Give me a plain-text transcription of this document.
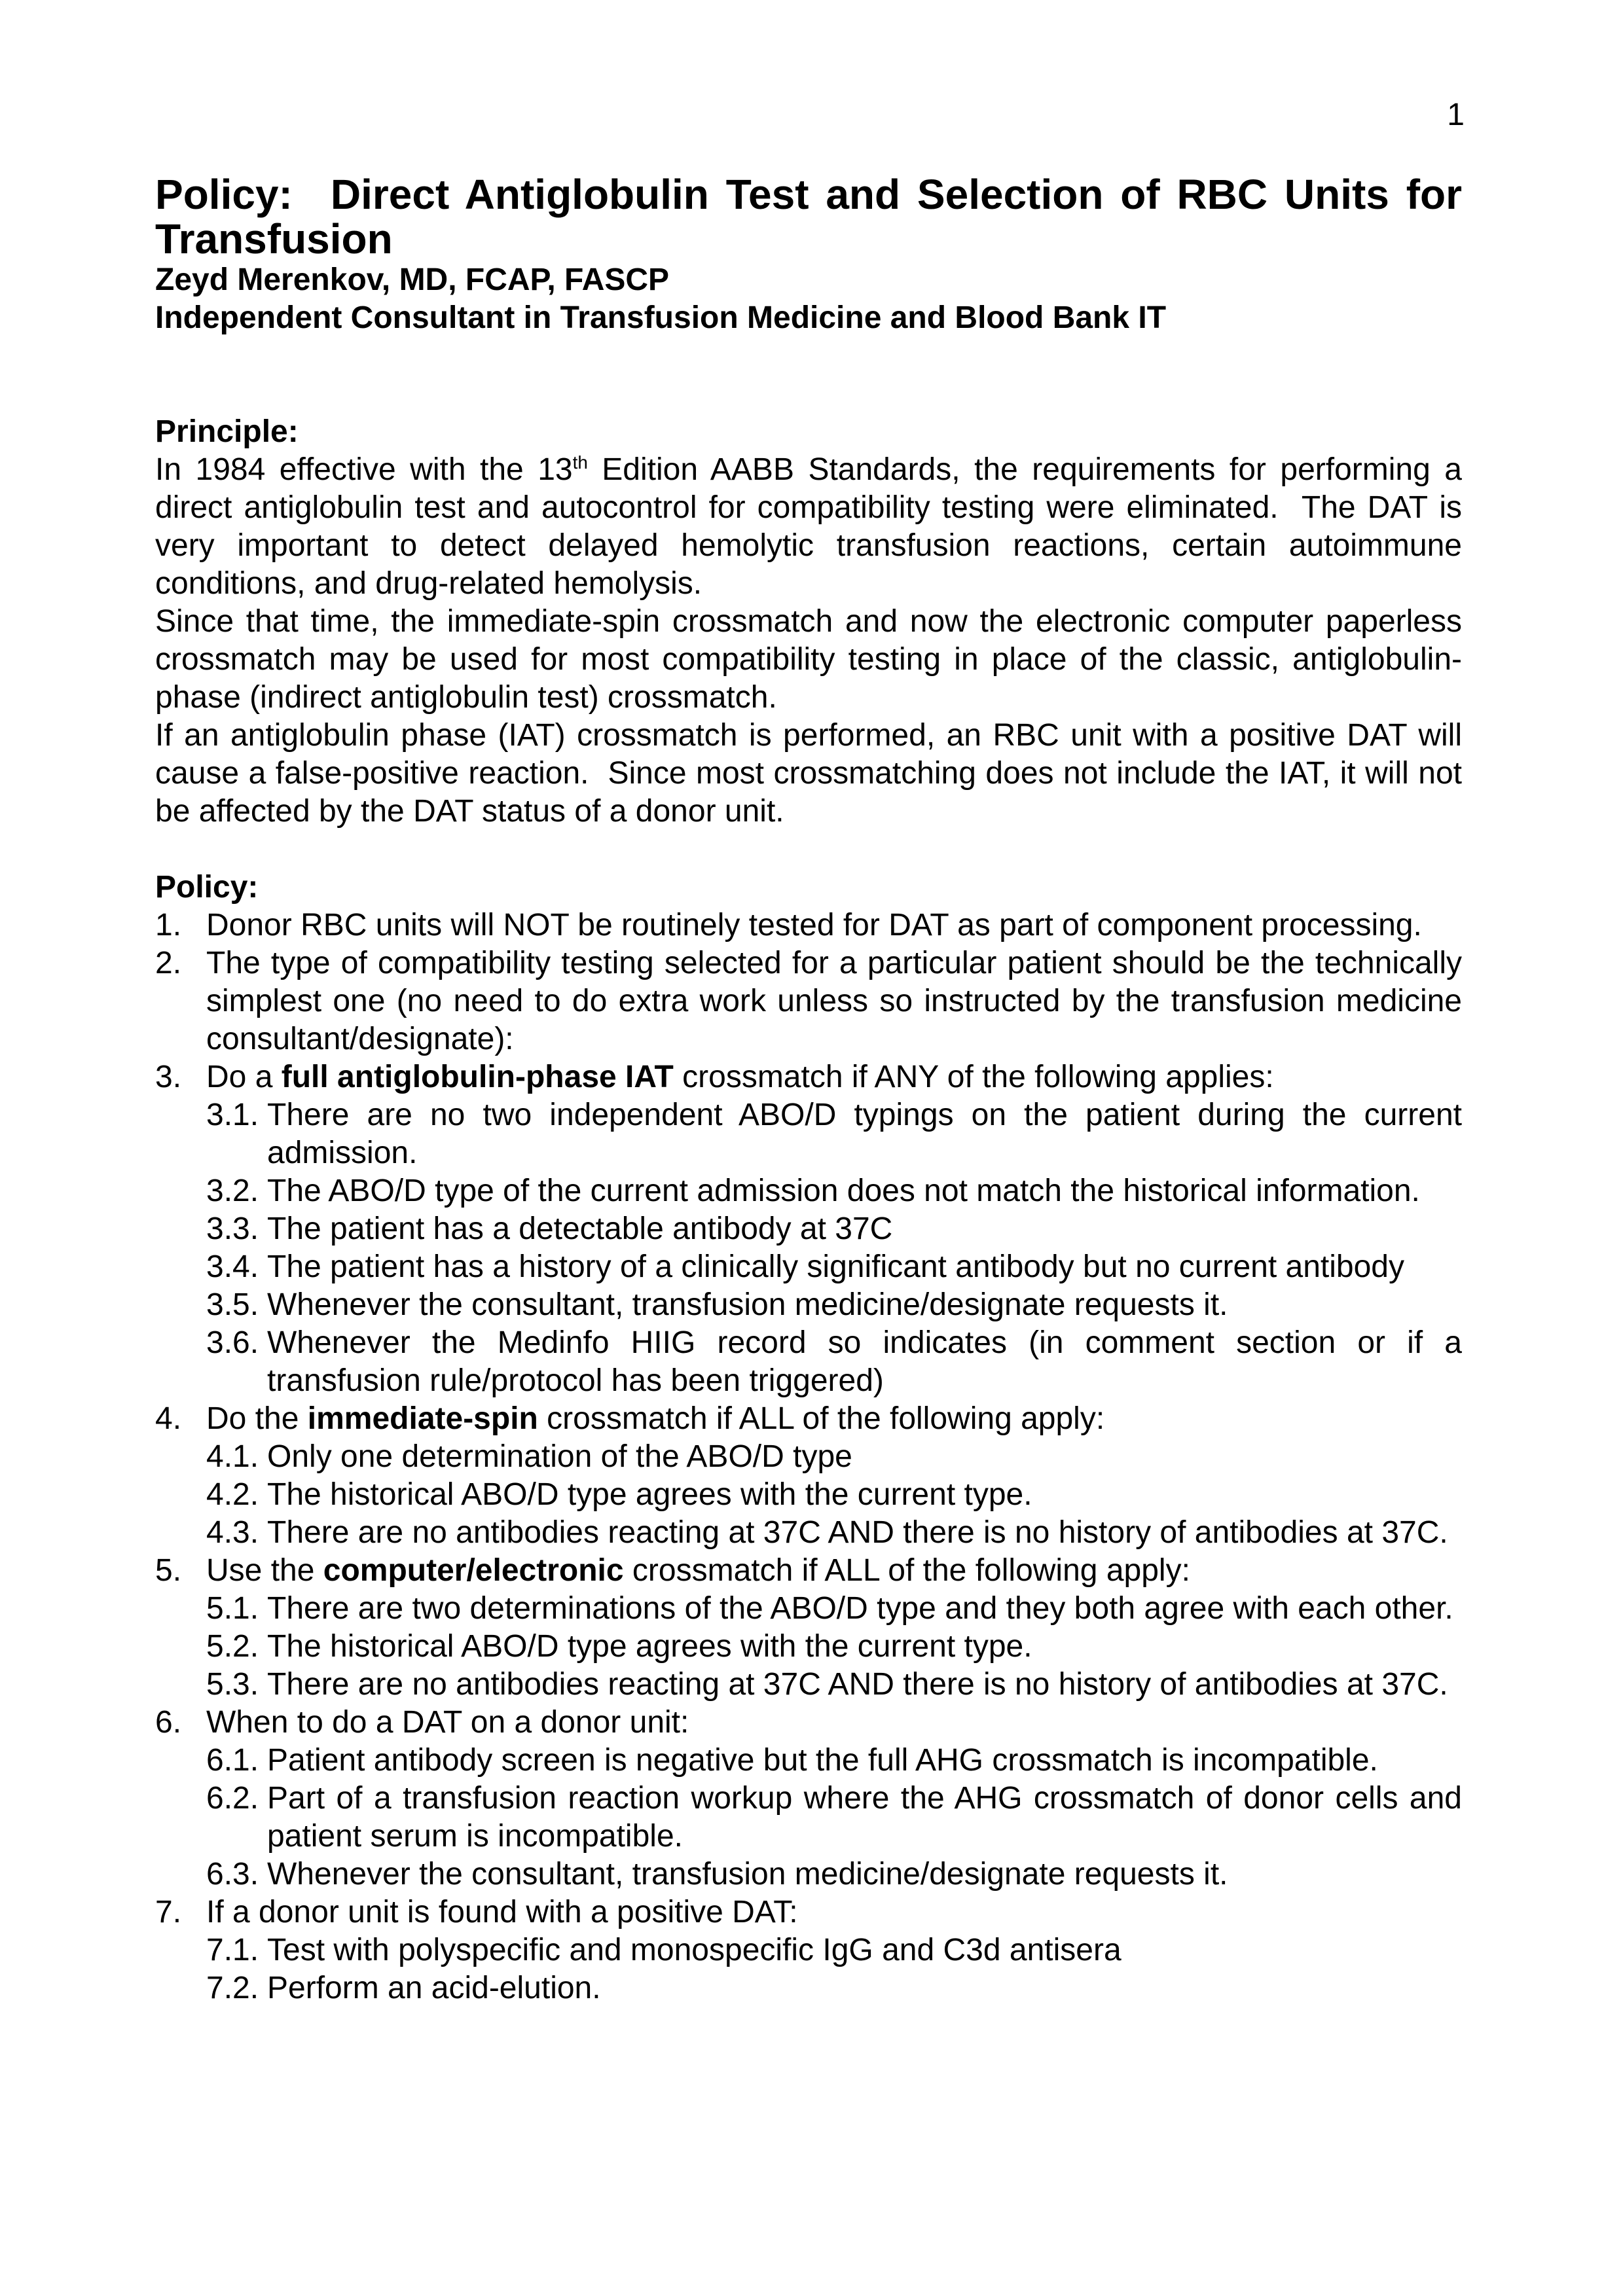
1
Policy: Direct Antiglobulin Test and Selection of RBC Units for Transfusion

Zeyd Merenkov, MD, FCAP, FASCP

Independent Consultant in Transfusion Medicine and Blood Bank IT

Principle:

In 1984 effective with the 13th Edition AABB Standards, the requirements for performing a direct antiglobulin test and autocontrol for compatibility testing were eliminated.  The DAT is very important to detect delayed hemolytic transfusion reactions, certain autoimmune conditions, and drug-related hemolysis.

Since that time, the immediate-spin crossmatch and now the electronic computer paperless crossmatch may be used for most compatibility testing in place of the classic, antiglobulin-phase (indirect antiglobulin test) crossmatch.

If an antiglobulin phase (IAT) crossmatch is performed, an RBC unit with a positive DAT will cause a false-positive reaction.  Since most crossmatching does not include the IAT, it will not be affected by the DAT status of a donor unit.

Policy:
1. Donor RBC units will NOT be routinely tested for DAT as part of component processing.
2. The type of compatibility testing selected for a particular patient should be the technically simplest one (no need to do extra work unless so instructed by the transfusion medicine consultant/designate):
3. Do a full antiglobulin-phase IAT crossmatch if ANY of the following applies:
3.1. There are no two independent ABO/D typings on the patient during the current admission.
3.2. The ABO/D type of the current admission does not match the historical information.
3.3. The patient has a detectable antibody at 37C
3.4. The patient has a history of a clinically significant antibody but no current antibody
3.5. Whenever the consultant, transfusion medicine/designate requests it.
3.6. Whenever the Medinfo HIIG record so indicates (in comment section or if a transfusion rule/protocol has been triggered)
4. Do the immediate-spin crossmatch if ALL of the following apply:
4.1. Only one determination of the ABO/D type
4.2. The historical ABO/D type agrees with the current type.
4.3. There are no antibodies reacting at 37C AND there is no history of antibodies at 37C.
5. Use the computer/electronic crossmatch if ALL of the following apply:
5.1. There are two determinations of the ABO/D type and they both agree with each other.
5.2. The historical ABO/D type agrees with the current type.
5.3. There are no antibodies reacting at 37C AND there is no history of antibodies at 37C.
6. When to do a DAT on a donor unit:
6.1. Patient antibody screen is negative but the full AHG crossmatch is incompatible.
6.2. Part of a transfusion reaction workup where the AHG crossmatch of donor cells and patient serum is incompatible.
6.3. Whenever the consultant, transfusion medicine/designate requests it.
7. If a donor unit is found with a positive DAT:
7.1. Test with polyspecific and monospecific IgG and C3d antisera
7.2. Perform an acid-elution.
